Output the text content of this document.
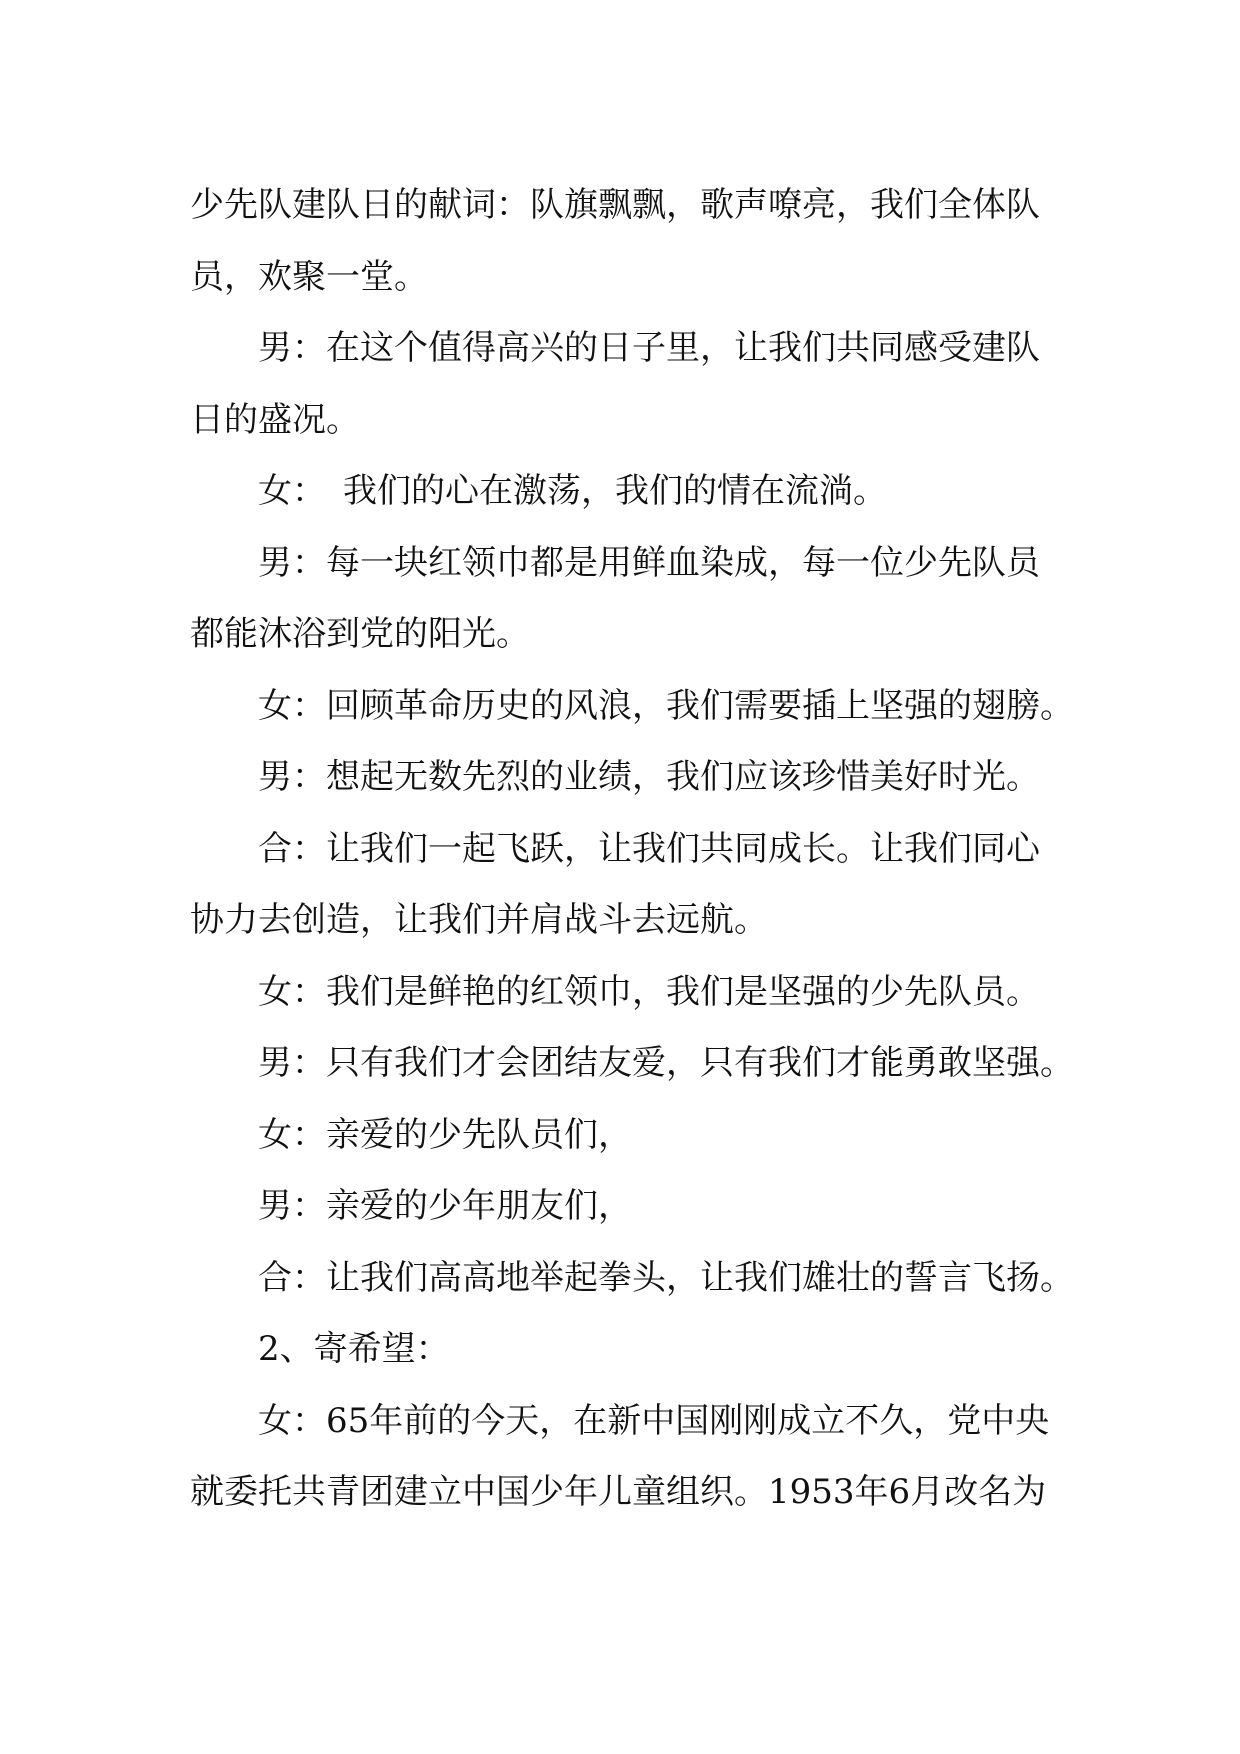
少先队建队日的献词：队旗飘飘，歌声嘹亮，我们全体队
员，欢聚一堂。

男：在这个值得高兴的日子里，让我们共同感受建队
日的盛况。

女：　我们的心在激荡，我们的情在流淌。

男：每一块红领巾都是用鲜血染成，每一位少先队员
都能沐浴到党的阳光。

女：回顾革命历史的风浪，我们需要插上坚强的翅膀。

男：想起无数先烈的业绩，我们应该珍惜美好时光。

合：让我们一起飞跃，让我们共同成长。让我们同心
协力去创造，让我们并肩战斗去远航。

女：我们是鲜艳的红领巾，我们是坚强的少先队员。

男：只有我们才会团结友爱，只有我们才能勇敢坚强。

女：亲爱的少先队员们，

男：亲爱的少年朋友们，

合：让我们高高地举起拳头，让我们雄壮的誓言飞扬。

2、寄希望：

女：65年前的今天，在新中国刚刚成立不久，党中央
就委托共青团建立中国少年儿童组织。1953年6月改名为
